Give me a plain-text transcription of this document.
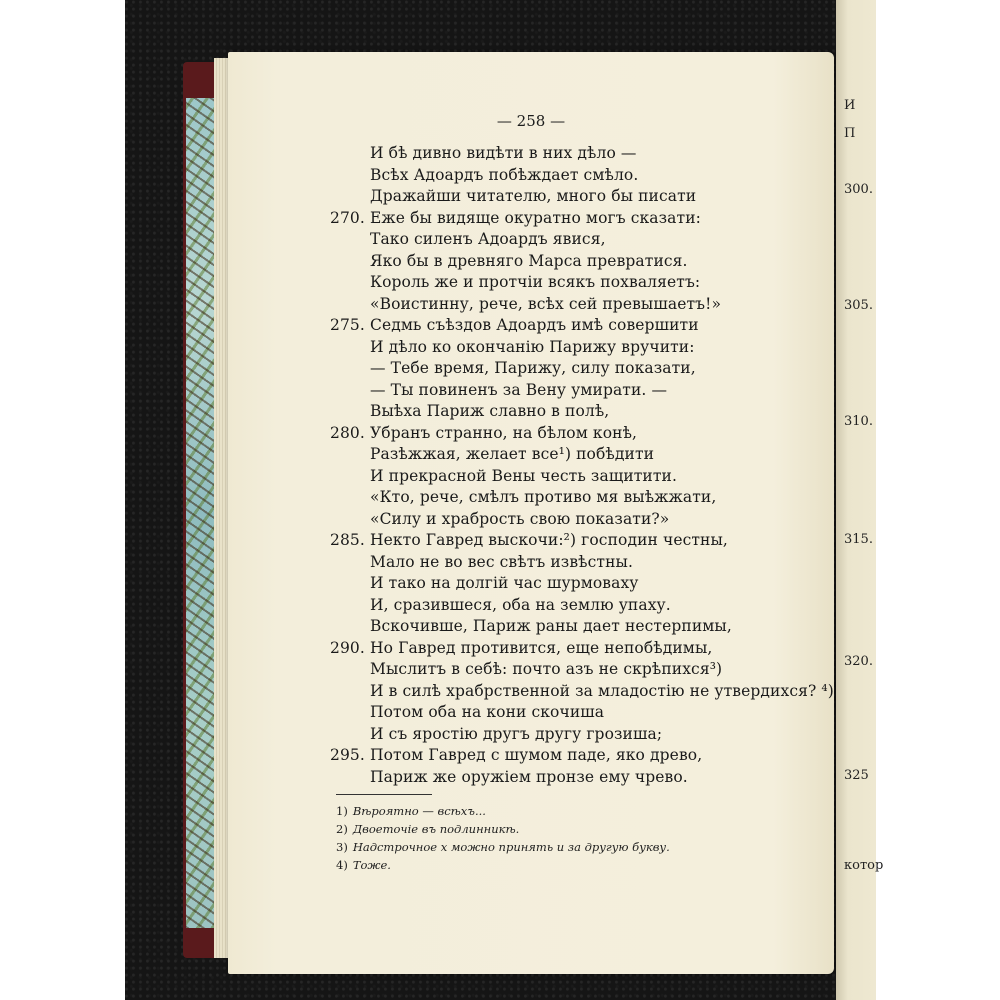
— 258 —
И бѣ дивно видѣти в них дѣло —
Всѣх Адоардъ побѣждает смѣло.
Дражайши читателю, много бы писати
270. Еже бы видяще окуратно могъ сказати:
Тако силенъ Адоардъ явися,
Яко бы в древняго Марса превратися.
Король же и протчiи всякъ похваляетъ:
«Воистинну, рече, всѣх сей превышаетъ!»
275. Седмь съѣздов Адоардъ имѣ совершити
И дѣло ко окончанiю Парижу вручити:
— Тебе время, Парижу, силу показати,
— Ты повиненъ за Вену умирати. —
Выѣха Париж славно в полѣ,
280. Убранъ странно, на бѣлом конѣ,
Разѣжжая, желает все¹) побѣдити
И прекрасной Вены честь защитити.
«Кто, рече, смѣлъ противо мя выѣжжати,
«Силу и храбрость свою показати?»
285. Некто Гавред выскочи:²) господин честны,
Мало не во вес свѣтъ извѣстны.
И тако на долгiй час шурмоваху
И, сразившеся, оба на землю упаху.
Вскочивше, Париж раны дает нестерпимы,
290. Но Гавред противится, еще непобѣдимы,
Мыслитъ в себѣ: почто азъ не скрѣпихся³)
И в силѣ храбрственной за младостiю не утвердихся? ⁴)
Потом оба на кони скочиша
И съ яростiю другъ другу грозиша;
295. Потом Гавред с шумом паде, яко древо,
Париж же оружiем пронзе ему чрево.
1) Вѣроятно — всѣхъ...
2) Двоеточiе въ подлинникѣ.
3) Надстрочное х можно принять и за другую букву.
4) Тоже.
И
П
300.
305.
310.
315.
320.
325
котор
